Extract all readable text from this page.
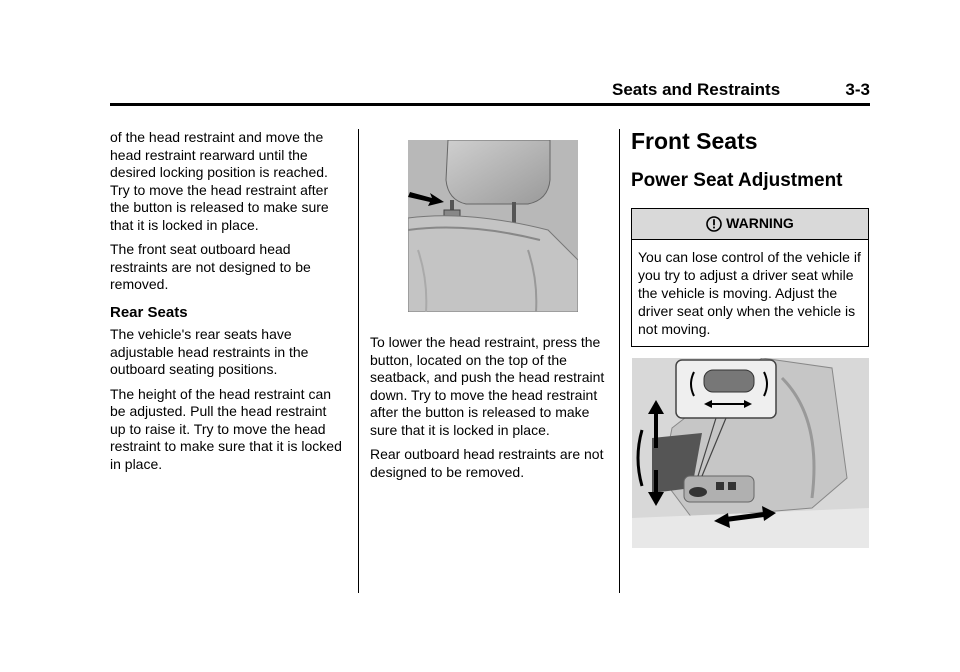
Seats and Restraints	3-3

of the head restraint and move the head restraint rearward until the desired locking position is reached. Try to move the head restraint after the button is released to make sure that it is locked in place.

The front seat outboard head restraints are not designed to be removed.

Rear Seats

The vehicle's rear seats have adjustable head restraints in the outboard seating positions.

The height of the head restraint can be adjusted. Pull the head restraint up to raise it. Try to move the head restraint to make sure that it is locked in place.

To lower the head restraint, press the button, located on the top of the seatback, and push the head restraint down. Try to move the head restraint after the button is released to make sure that it is locked in place.

Rear outboard head restraints are not designed to be removed.

Front Seats
Power Seat Adjustment
WARNING
You can lose control of the vehicle if you try to adjust a driver seat while the vehicle is moving. Adjust the driver seat only when the vehicle is not moving.
